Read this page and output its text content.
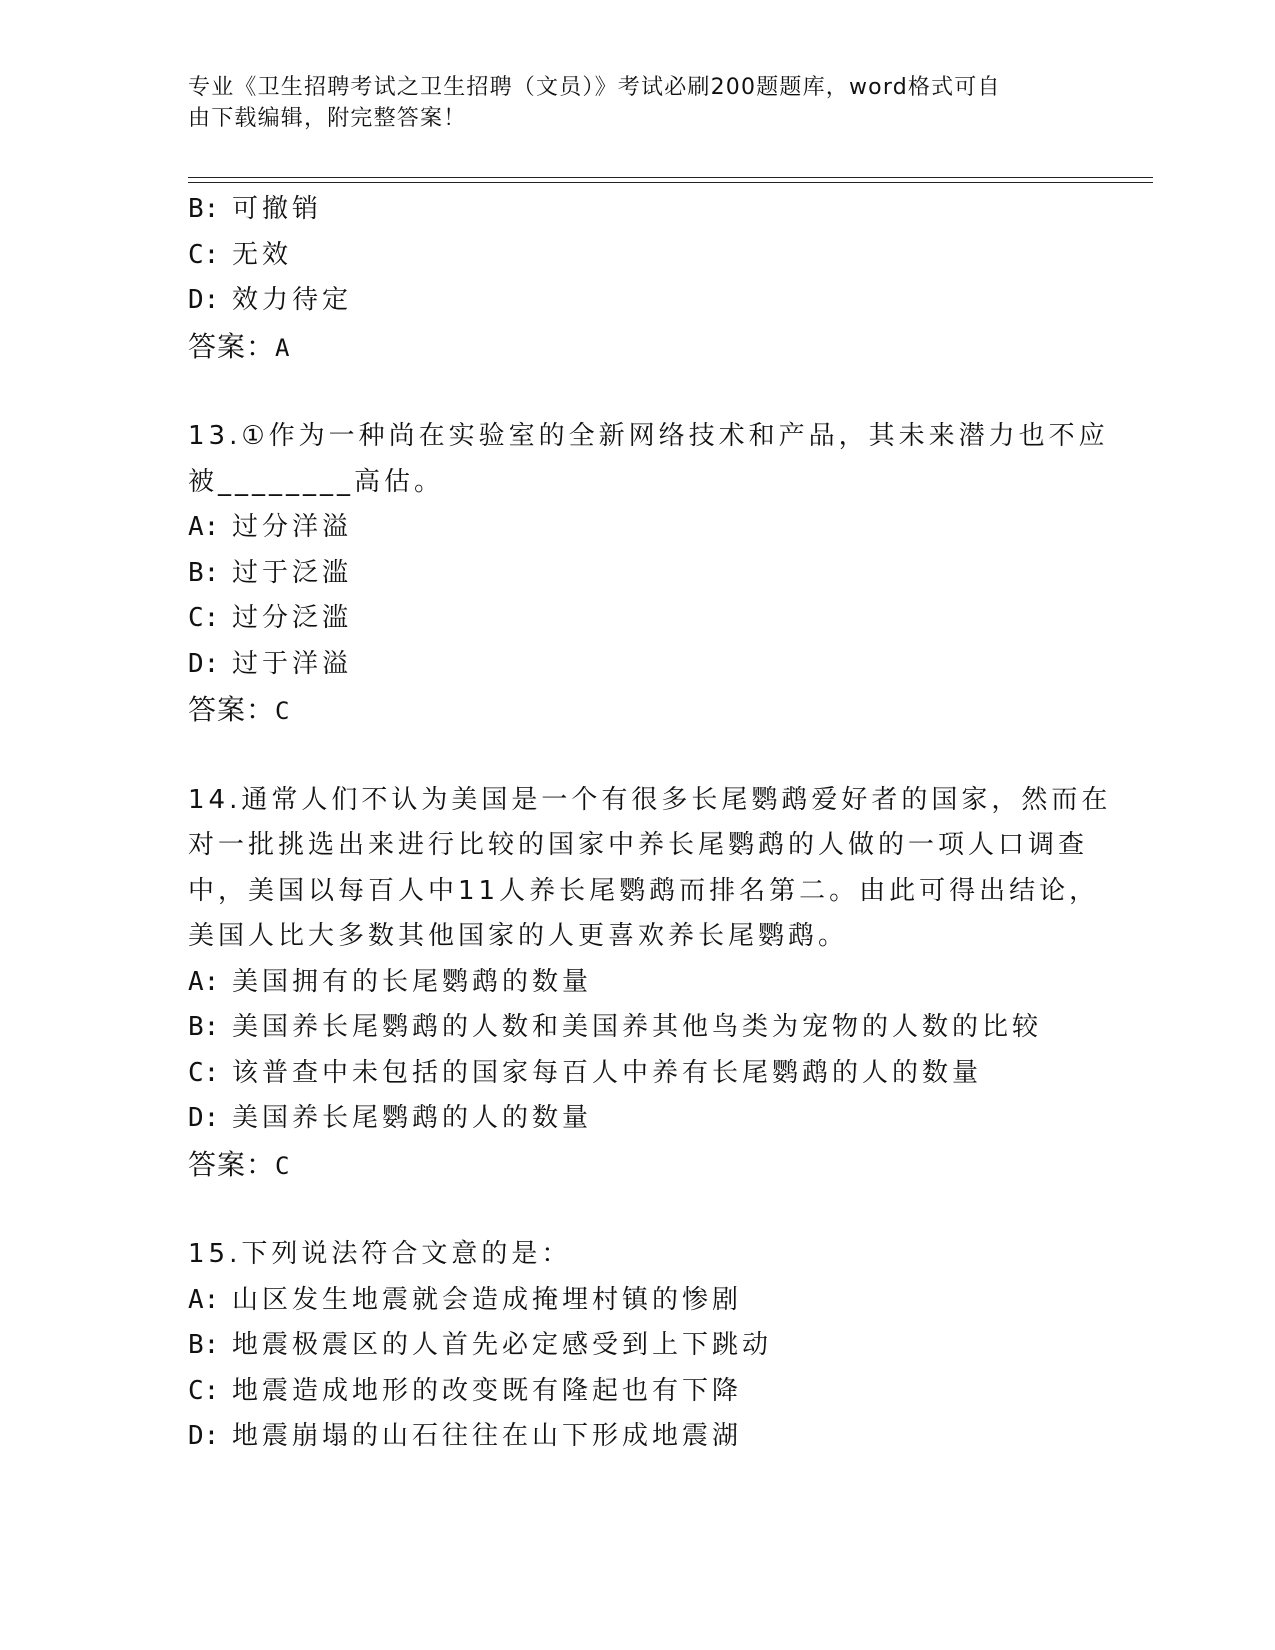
专业《卫生招聘考试之卫生招聘（文员）》考试必刷200题题库，word格式可自
由下载编辑，附完整答案！
B: 可撤销
C: 无效
D: 效力待定
答案：A
13.①作为一种尚在实验室的全新网络技术和产品，其未来潜力也不应
被________高估。
A: 过分洋溢
B: 过于泛滥
C: 过分泛滥
D: 过于洋溢
答案：C
14.通常人们不认为美国是一个有很多长尾鹦鹉爱好者的国家，然而在
对一批挑选出来进行比较的国家中养长尾鹦鹉的人做的一项人口调查
中，美国以每百人中11人养长尾鹦鹉而排名第二。由此可得出结论，
美国人比大多数其他国家的人更喜欢养长尾鹦鹉。
A: 美国拥有的长尾鹦鹉的数量
B: 美国养长尾鹦鹉的人数和美国养其他鸟类为宠物的人数的比较
C: 该普查中未包括的国家每百人中养有长尾鹦鹉的人的数量
D: 美国养长尾鹦鹉的人的数量
答案：C
15.下列说法符合文意的是：
A: 山区发生地震就会造成掩埋村镇的惨剧
B: 地震极震区的人首先必定感受到上下跳动
C: 地震造成地形的改变既有隆起也有下降
D: 地震崩塌的山石往往在山下形成地震湖
